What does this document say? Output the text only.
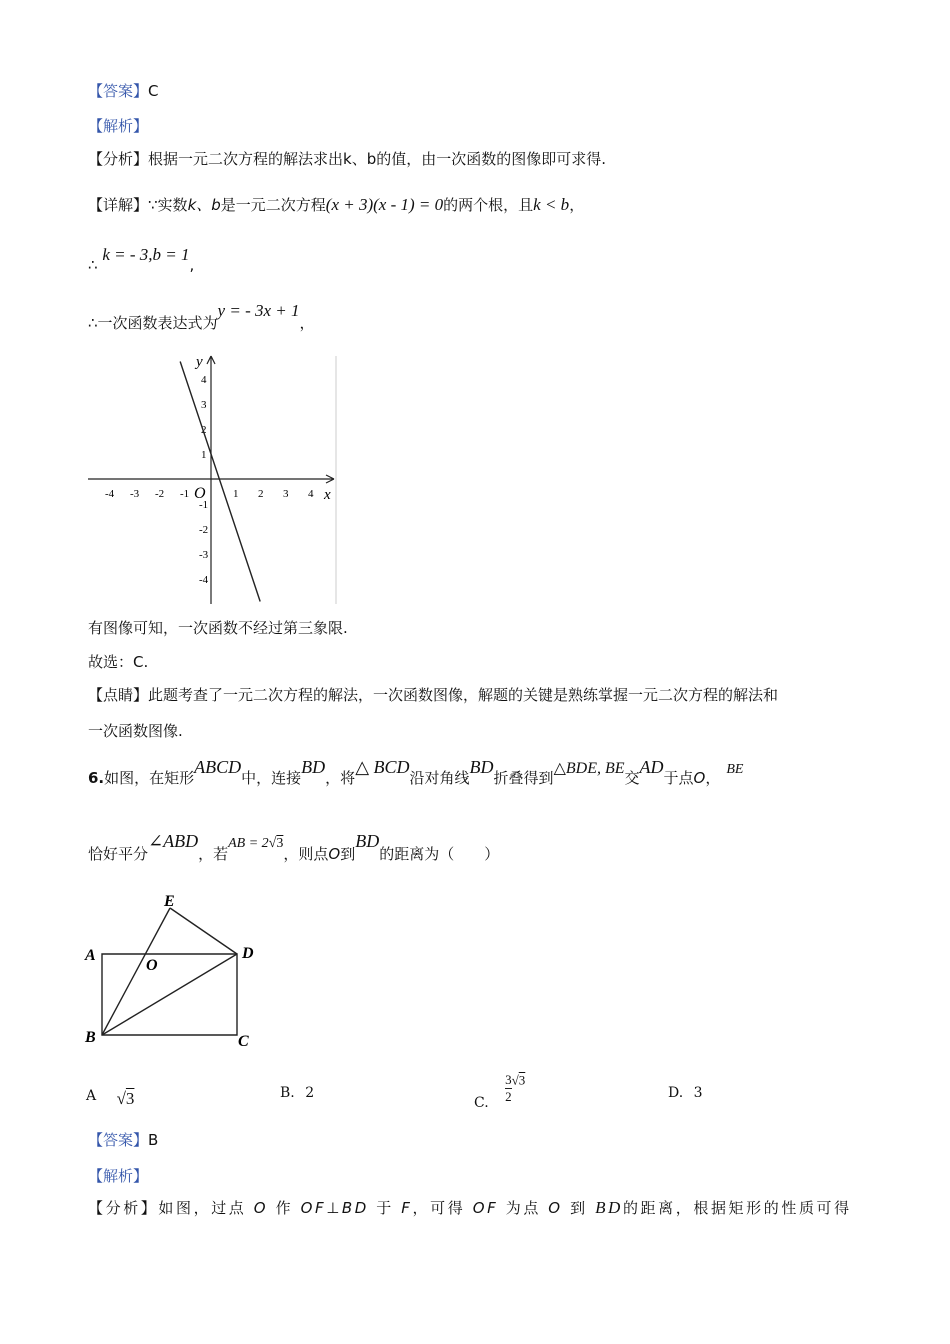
【答案】C
【解析】
【分析】根据一元二次方程的解法求出k、b的值，由一次函数的图像即可求得.
【详解】∵实数k、b是一元二次方程(x + 3)(x - 1) = 0的两个根，且k < b，
∴ k = - 3,b = 1,
∴一次函数表达式为y = - 3x + 1，
-4 -3 -2 -1	1 2 3 4
4
3
2
1
-1
-2
-3
-4
x
y
O
有图像可知，一次函数不经过第三象限.
故选：C.
【点睛】此题考查了一元二次方程的解法，一次函数图像，解题的关键是熟练掌握一元二次方程的解法和
一次函数图像.
6.如图，在矩形ABCD中，连接BD，将△ BCD沿对角线BD折叠得到△BDE, BE交AD于点O， BE
恰好平分∠ABD，若AB = 2√3，则点O到BD的距离为（　　）
E
A
O
D
B	C
A √3	B. 2
C. $\frac{3}{2} √3$
D. 3
【答案】B
【解析】
【分析】如图，过点 O 作 OF⊥BD 于 F，可得 OF 为点 O 到 BD的距离，根据矩形的性质可得
